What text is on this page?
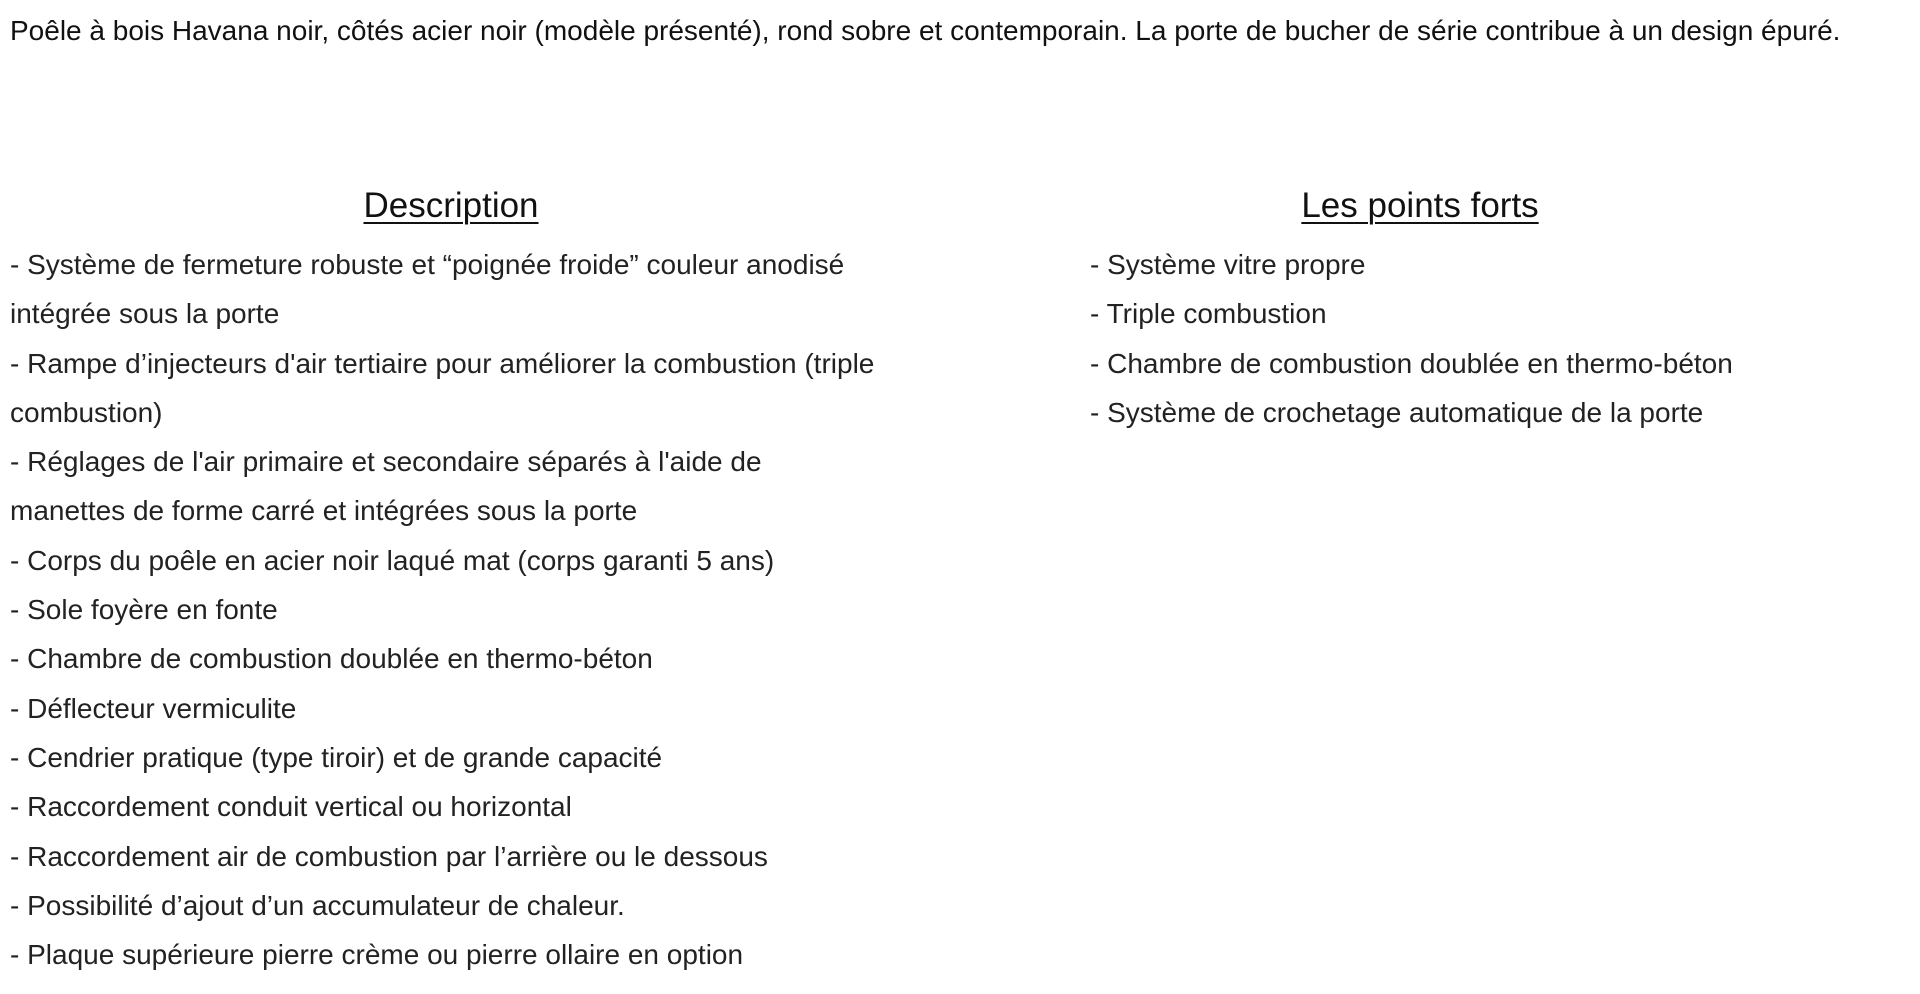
Poêle à bois Havana noir, côtés acier noir (modèle présenté), rond sobre et contemporain. La porte de bucher de série contribue à un design épuré.

Description
- Système de fermeture robuste et “poignée froide” couleur anodisé intégrée sous la porte
- Rampe d’injecteurs d'air tertiaire pour améliorer la combustion (triple combustion)
- Réglages de l'air primaire et secondaire séparés à l'aide de manettes de forme carré et intégrées sous la porte
- Corps du poêle en acier noir laqué mat (corps garanti 5 ans)
- Sole foyère en fonte
- Chambre de combustion doublée en thermo-béton
- Déflecteur vermiculite
- Cendrier pratique (type tiroir) et de grande capacité
- Raccordement conduit vertical ou horizontal
- Raccordement air de combustion par l’arrière ou le dessous
- Possibilité d’ajout d’un accumulateur de chaleur.
- Plaque supérieure pierre crème ou pierre ollaire en option
Les points forts
- Système vitre propre
- Triple combustion
- Chambre de combustion doublée en thermo-béton
- Système de crochetage automatique de la porte
